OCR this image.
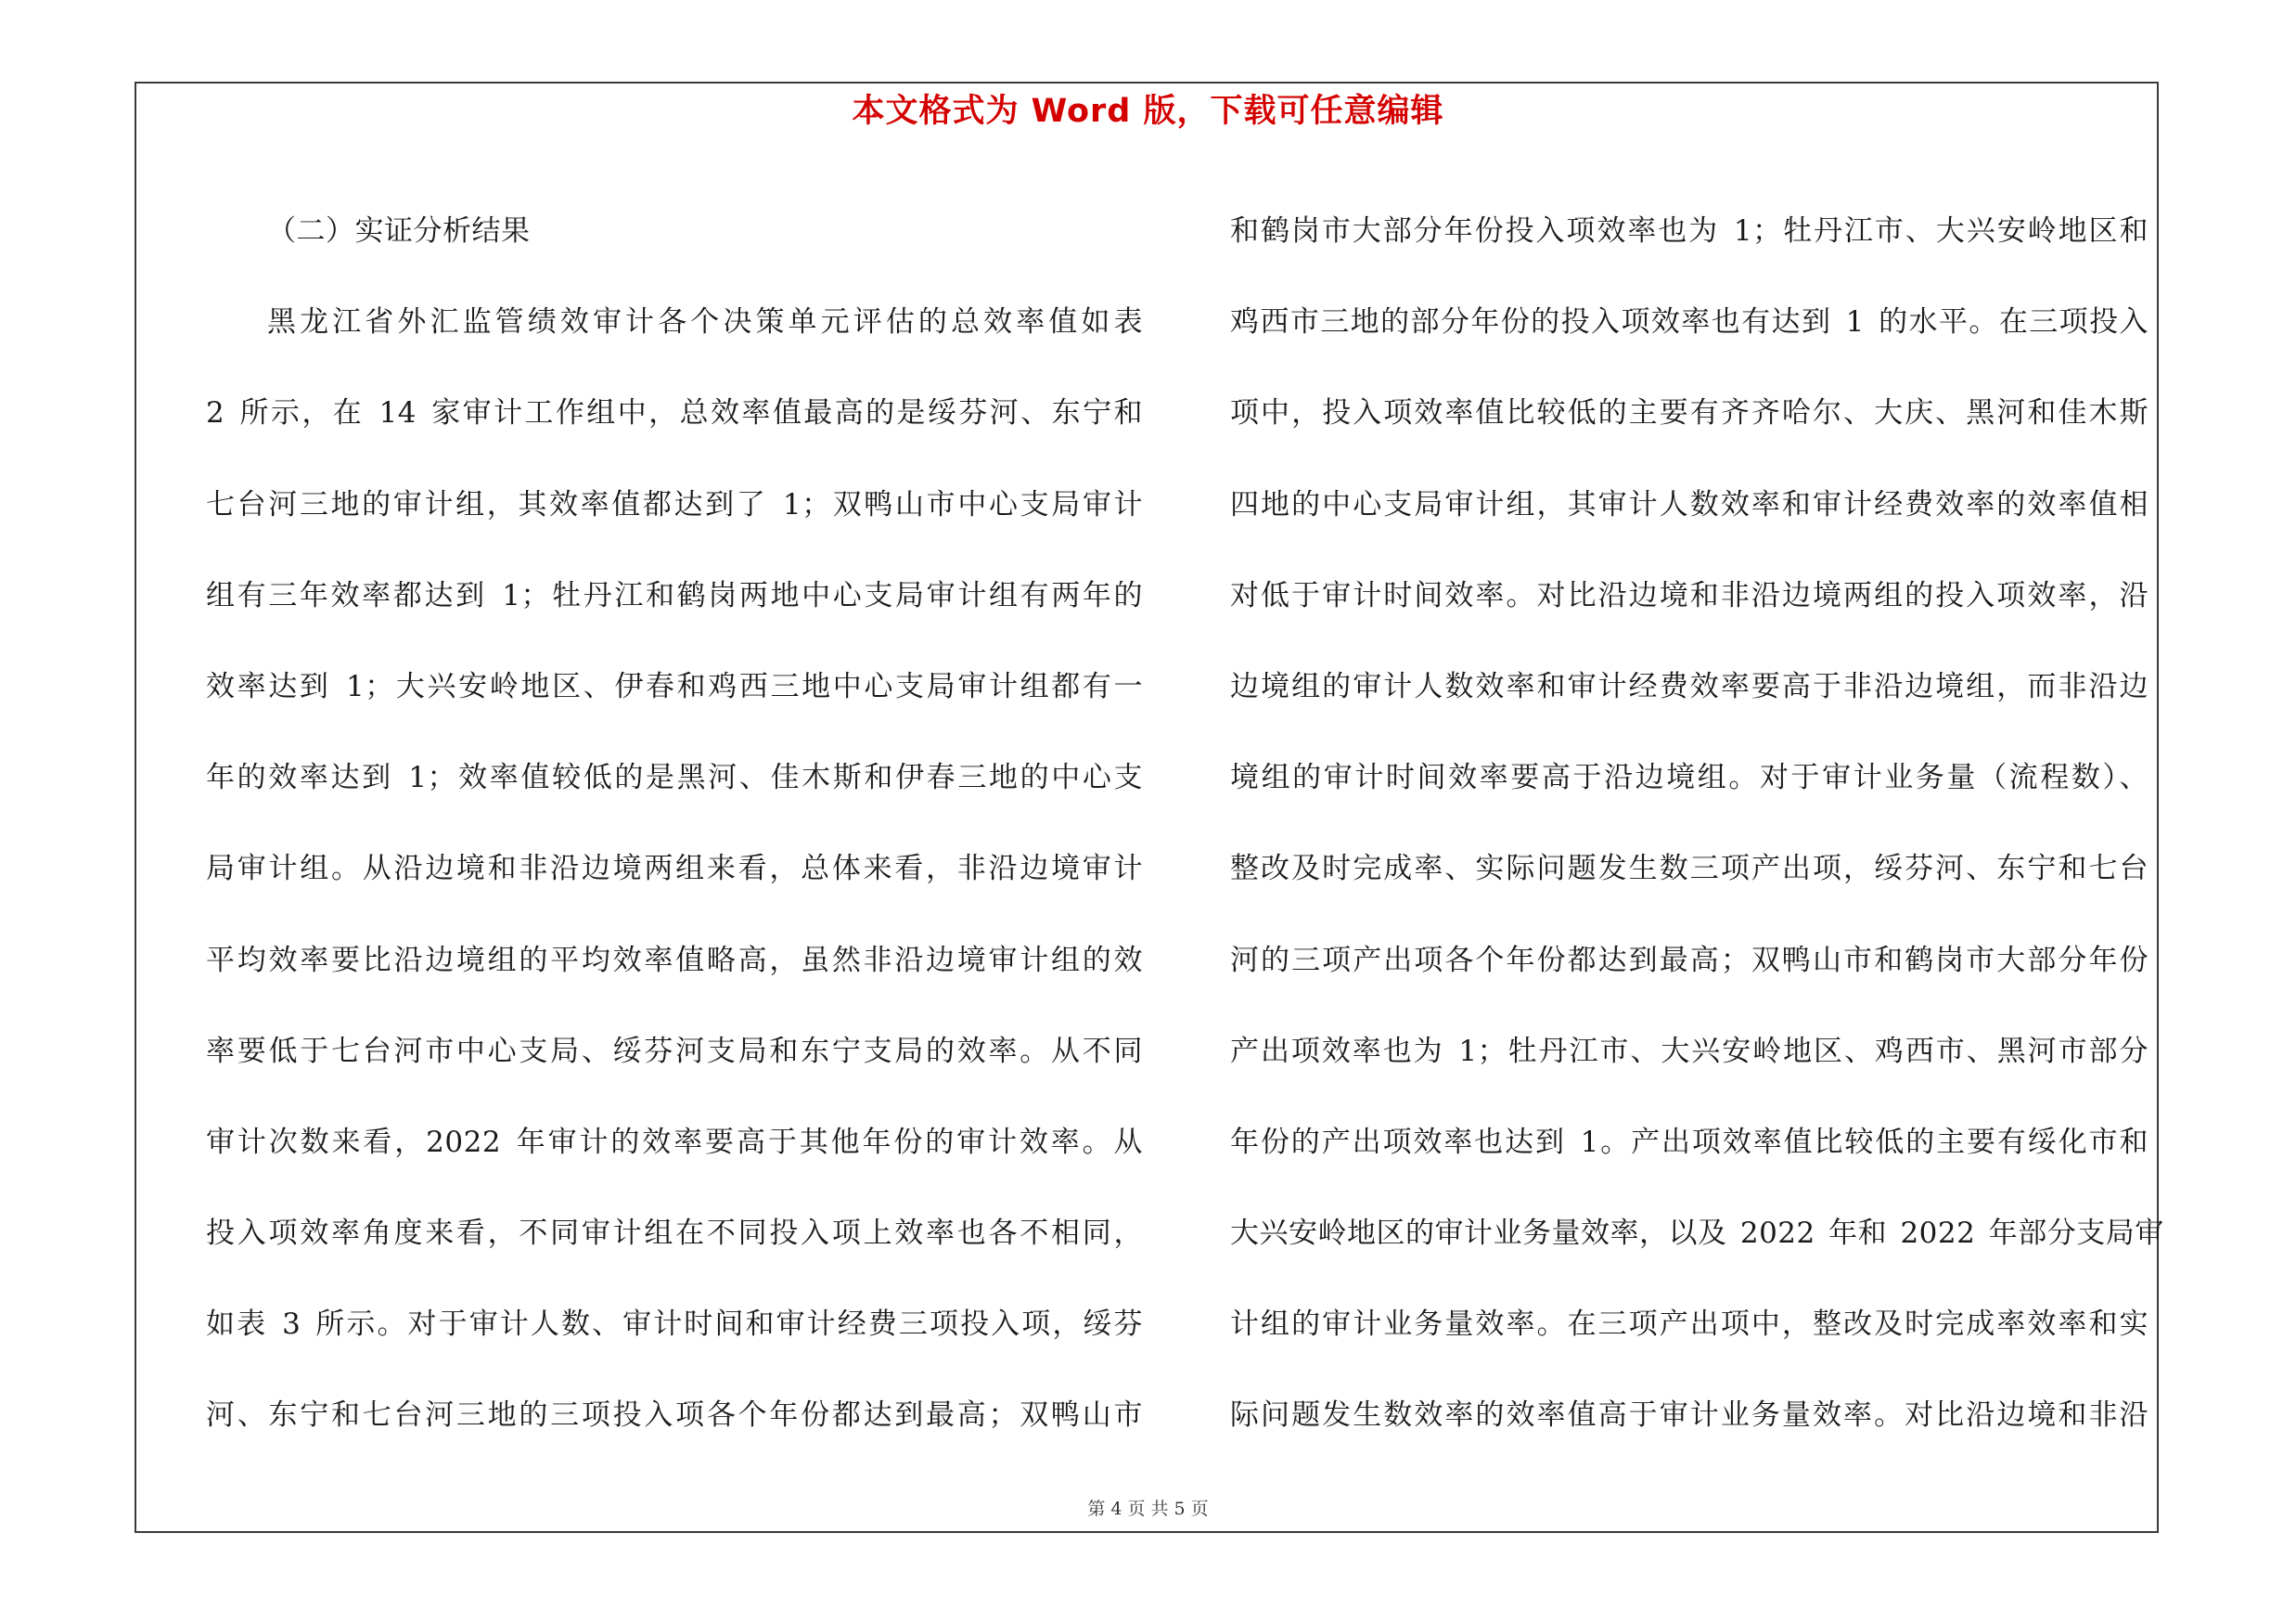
本文格式为 Word 版，下载可任意编辑
（二）实证分析结果
黑龙江省外汇监管绩效审计各个决策单元评估的总效率值如表
2 所示，在 14 家审计工作组中，总效率值最高的是绥芬河、东宁和
七台河三地的审计组，其效率值都达到了 1；双鸭山市中心支局审计
组有三年效率都达到 1；牡丹江和鹤岗两地中心支局审计组有两年的
效率达到 1；大兴安岭地区、伊春和鸡西三地中心支局审计组都有一
年的效率达到 1；效率值较低的是黑河、佳木斯和伊春三地的中心支
局审计组。从沿边境和非沿边境两组来看，总体来看，非沿边境审计
平均效率要比沿边境组的平均效率值略高，虽然非沿边境审计组的效
率要低于七台河市中心支局、绥芬河支局和东宁支局的效率。从不同
审计次数来看，2022 年审计的效率要高于其他年份的审计效率。从
投入项效率角度来看，不同审计组在不同投入项上效率也各不相同，
如表 3 所示。对于审计人数、审计时间和审计经费三项投入项，绥芬
河、东宁和七台河三地的三项投入项各个年份都达到最高；双鸭山市
和鹤岗市大部分年份投入项效率也为 1；牡丹江市、大兴安岭地区和
鸡西市三地的部分年份的投入项效率也有达到 1 的水平。在三项投入
项中，投入项效率值比较低的主要有齐齐哈尔、大庆、黑河和佳木斯
四地的中心支局审计组，其审计人数效率和审计经费效率的效率值相
对低于审计时间效率。对比沿边境和非沿边境两组的投入项效率，沿
边境组的审计人数效率和审计经费效率要高于非沿边境组，而非沿边
境组的审计时间效率要高于沿边境组。对于审计业务量（流程数）、
整改及时完成率、实际问题发生数三项产出项，绥芬河、东宁和七台
河的三项产出项各个年份都达到最高；双鸭山市和鹤岗市大部分年份
产出项效率也为 1；牡丹江市、大兴安岭地区、鸡西市、黑河市部分
年份的产出项效率也达到 1。产出项效率值比较低的主要有绥化市和
大兴安岭地区的审计业务量效率，以及 2022 年和 2022 年部分支局审
计组的审计业务量效率。在三项产出项中，整改及时完成率效率和实
际问题发生数效率的效率值高于审计业务量效率。对比沿边境和非沿
第 4 页 共 5 页
